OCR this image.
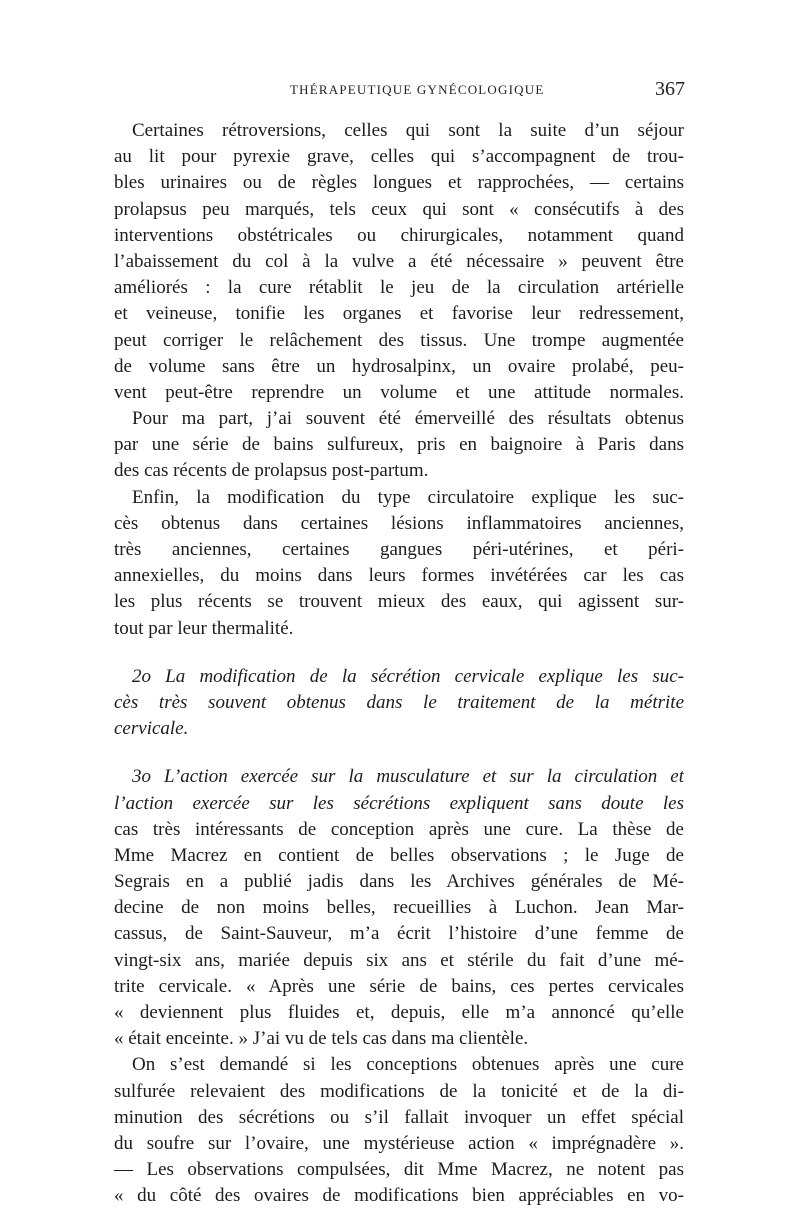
THÉRAPEUTIQUE GYNÉCOLOGIQUE	367
Certaines rétroversions, celles qui sont la suite d’un séjour
au lit pour pyrexie grave, celles qui s’accompagnent de trou-
bles urinaires ou de règles longues et rapprochées, — certains
prolapsus peu marqués, tels ceux qui sont « consécutifs à des
interventions obstétricales ou chirurgicales, notamment quand
l’abaissement du col à la vulve a été nécessaire » peuvent être
améliorés : la cure rétablit le jeu de la circulation artérielle
et veineuse, tonifie les organes et favorise leur redressement,
peut corriger le relâchement des tissus. Une trompe augmentée
de volume sans être un hydrosalpinx, un ovaire prolabé, peu-
vent peut-être reprendre un volume et une attitude normales.
Pour ma part, j’ai souvent été émerveillé des résultats obtenus
par une série de bains sulfureux, pris en baignoire à Paris dans
des cas récents de prolapsus post-partum.
Enfin, la modification du type circulatoire explique les suc-
cès obtenus dans certaines lésions inflammatoires anciennes,
très anciennes, certaines gangues péri-utérines, et péri-
annexielles, du moins dans leurs formes invétérées car les cas
les plus récents se trouvent mieux des eaux, qui agissent sur-
tout par leur thermalité.
2o La modification de la sécrétion cervicale explique les suc-
cès très souvent obtenus dans le traitement de la métrite
cervicale.
3o L’action exercée sur la musculature et sur la circulation et
l’action exercée sur les sécrétions expliquent sans doute les
cas très intéressants de conception après une cure. La thèse de
Mme Macrez en contient de belles observations ; le Juge de
Segrais en a publié jadis dans les Archives générales de Mé-
decine de non moins belles, recueillies à Luchon. Jean Mar-
cassus, de Saint-Sauveur, m’a écrit l’histoire d’une femme de
vingt-six ans, mariée depuis six ans et stérile du fait d’une mé-
trite cervicale. « Après une série de bains, ces pertes cervicales
« deviennent plus fluides et, depuis, elle m’a annoncé qu’elle
« était enceinte. » J’ai vu de tels cas dans ma clientèle.
On s’est demandé si les conceptions obtenues après une cure
sulfurée relevaient des modifications de la tonicité et de la di-
minution des sécrétions ou s’il fallait invoquer un effet spécial
du soufre sur l’ovaire, une mystérieuse action « imprégnadère ».
— Les observations compulsées, dit Mme Macrez, ne notent pas
« du côté des ovaires de modifications bien appréciables en vo-
